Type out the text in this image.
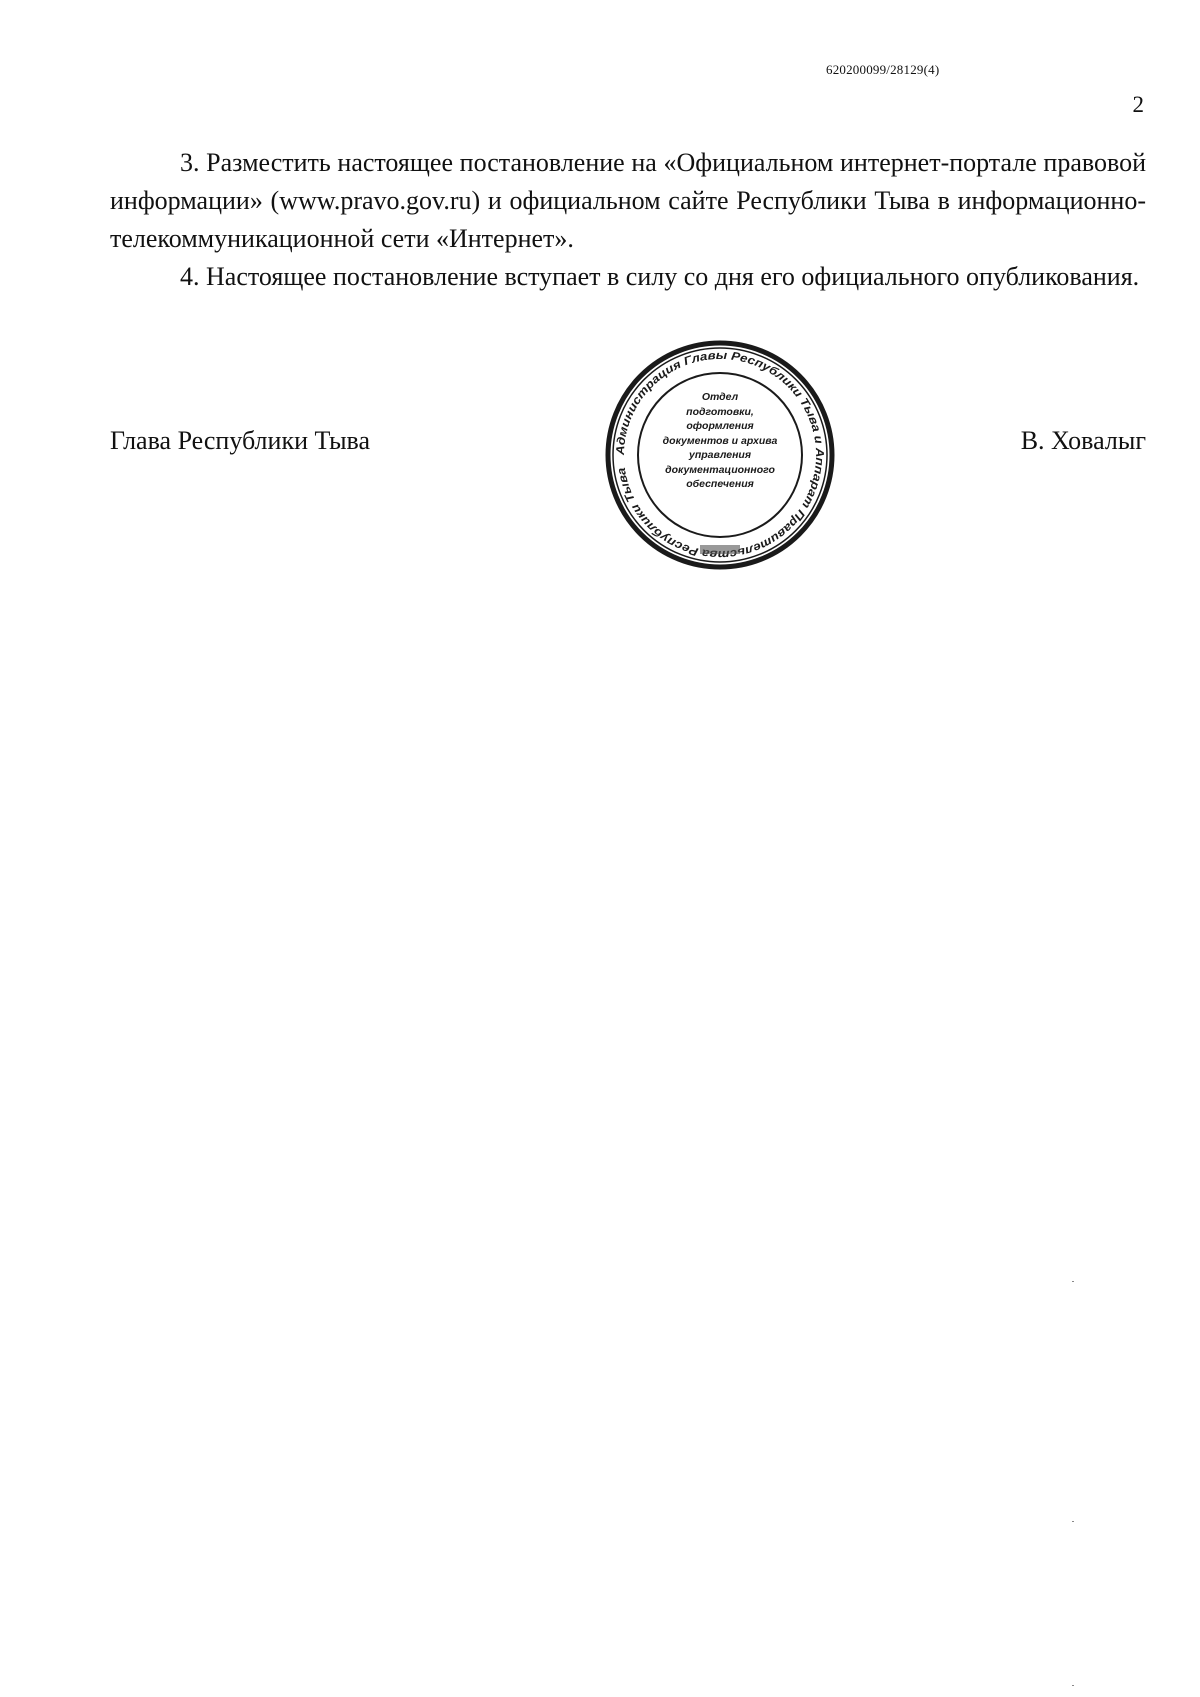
620200099/28129(4)
2

3. Разместить настоящее постановление на «Официальном интернет-портале правовой информации» (www.pravo.gov.ru) и официальном сайте Республики Тыва в информационно-телекоммуникационной сети «Интернет».

4. Настоящее постановление вступает в силу со дня его официального опубликования.

Глава Республики Тыва	В. Ховалыг
Администрация Главы Республики Тыва и Аппарат Правитель Республики Тыва
Отдел
подготовки,
оформления
документов и архива
управления
документационного
обеспечения
